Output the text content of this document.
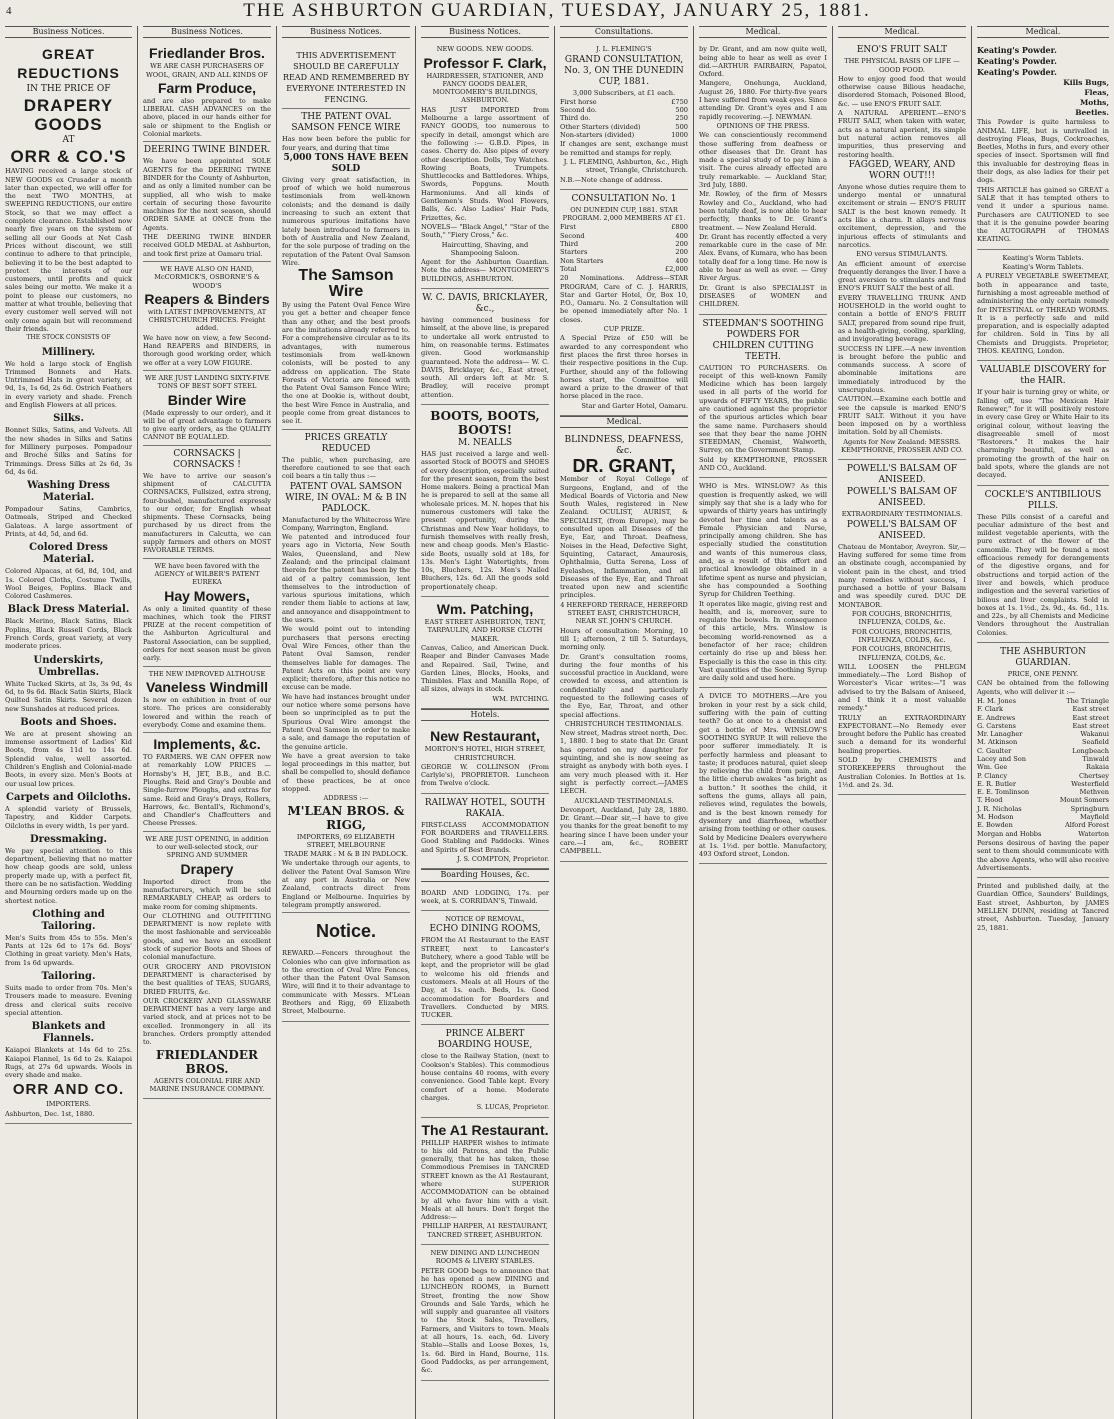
4	THE ASHBURTON GUARDIAN, TUESDAY, JANUARY 25, 1881.
Business Notices.

GREAT REDUCTIONS

IN THE PRICE OF

DRAPERY GOODS

AT

ORR & CO.'S

HAVING received a large stock of NEW GOODS ex Crusader a month later than expected, we will offer for the next TWO MONTHS, at SWEEPING REDUCTIONS, our entire Stock, so that we may effect a complete clearance. Established now nearly five years on the system of selling all our Goods at Net Cash Prices without discount, we still continue to adhere to that principle, believing it to be the best adapted to protect the interests of our customers, until profits and quick sales being our motto. We make it a point to please our customers, no matter at what trouble, believing that every customer well served will not only come again but will recommend their friends.

THE STOCK CONSISTS OF

Millinery.

We hold a large stock of English Trimmed Bonnets and Hats. Untrimmed Hats in great variety, at 9d, 1s, 1s 6d, 2s 6d. Ostrich Feathers in every variety and shade. French and English Flowers at all prices.

Silks.

Bonnet Silks, Satins, and Velvets. All the new shades in Silks and Satins for Millinery purposes. Pompadour and Broché Silks and Satins for Trimmings. Dress Silks at 2s 6d, 3s 6d, 4s 6d.

Washing Dress Material.

Pompadour Satins, Cambrics, Oatmeals, Striped and Checked Galateas. A large assortment of Prints, at 4d, 5d, and 6d.

Colored Dress Material.

Colored Alpacas, at 6d, 8d, 10d, and 1s. Colored Cloths, Costume Twills, Wool Beiges, Poplins. Black and Colored Cashmeres.

Black Dress Material.

Black Merino, Black Satins, Black Poplins, Black Russell Cords, Black French Cords, great variety, at very moderate prices.

Underskirts, Umbrellas.

White Tucked Skirts, at 3s, 3s 9d, 4s 6d, to 9s 6d. Black Satin Skirts, Black Quilted Satin Skirts. Several dozen new Sunshades at reduced prices.

Boots and Shoes.

We are at present showing an immense assortment of Ladies' Kid Boots, from 4s 11d to 14s 6d. Splendid value, well assorted. Children's English and Colonial-made Boots, in every size. Men's Boots at our usual low prices.

Carpets and Oilcloths.

A splendid variety of Brussels, Tapestry, and Kidder Carpets. Oilcloths in every width, 1s per yard.

Dressmaking.

We pay special attention to this department, believing that no matter how cheap goods are sold, unless properly made up, with a perfect fit, there can be no satisfaction. Wedding and Mourning orders made up on the shortest notice.

Clothing and Tailoring.

Men's Suits from 45s to 55s. Men's Pants at 12s 6d to 17s 6d. Boys' Clothing in great variety. Men's Hats, from 1s 6d upwards.

Tailoring.

Suits made to order from 70s. Men's Trousers made to measure. Evening dress and clerical suits receive special attention.

Blankets and Flannels.

Kaiapoi Blankets at 14s 6d to 25s. Kaiapoi Flannel, 1s 6d to 2s. Kaiapoi Rugs, at 27s 6d upwards. Wools in every shade and make.

ORR AND CO.

IMPORTERS.

Ashburton, Dec. 1st, 1880.

Business Notices.

Friedlander Bros.

WE ARE CASH PURCHASERS OF WOOL, GRAIN, AND ALL KINDS OF

Farm Produce,

and are also prepared to make LIBERAL CASH ADVANCES on the above, placed in our hands either for sale or shipment to the English or Colonial markets.

DEERING TWINE BINDER.

We have been appointed SOLE AGENTS for the DEERING TWINE BINDER for the County of Ashburton, and as only a limited number can be supplied, all who wish to make certain of securing those favourite machines for the next season, should ORDER SAME at ONCE from the Agents.

THE DEERING TWINE BINDER received GOLD MEDAL at Ashburton, and took first prize at Oamaru trial.

WE HAVE ALSO ON HAND, McCORMICK'S, OSBORNE'S & WOOD'S

Reapers & Binders

with LATEST IMPROVEMENTS, AT CHRISTCHURCH PRICES. Freight added.

We have now on view, a few Second-Hand REAPERS and BINDERS, in thorough good working order, which we offer at a very LOW FIGURE.

WE ARE JUST LANDING SIXTY-FIVE TONS OF BEST SOFT STEEL

Binder Wire

(Made expressly to our order), and it will be of great advantage to farmers to give early orders, as the QUALITY CANNOT BE EQUALLED.

CORNSACKS | CORNSACKS !

We have to arrive our season's shipment of CALCUTTA CORNSACKS, Fullsized, extra strong, four-bushel, manufactured expressly to our order, for English wheat shipments. These Cornsacks, being purchased by us direct from the manufacturers in Calcutta, we can supply farmers and others on MOST FAVORABLE TERMS.

WE have been favored with the AGENCY of WILBER'S PATENT EUREKA

Hay Mowers,

As only a limited quantity of these machines, which took the FIRST PRIZE at the recent competition of the Ashburton Agricultural and Pastoral Association, can be supplied, orders for next season must be given early.

THE NEW IMPROVED ALTHOUSE

Vaneless Windmill

Is now on exhibition in front of our store. The prices are considerably lowered and within the reach of everybody. Come and examine them.

Implements, &c.

TO FARMERS. WE CAN OFFER now at remarkably LOW PRICES — Hornsby's H, JET, B.B., and B.C. Ploughs. Reid and Gray's Double and Single-furrow Ploughs, and extras for same. Reid and Gray's Drays, Rollers, Harrows, &c. Bentall's, Richmond's, and Chandler's Chaffcutters and Cheese Presses.

WE ARE JUST OPENING, in addition to our well-selected stock, our SPRING AND SUMMER

Drapery

Imported direct from the manufacturers, which will be sold REMARKABLY CHEAP, as orders to make room for coming shipments.

Our CLOTHING and OUTFITTING DEPARTMENT is now replete with the most fashionable and serviceable goods, and we have an excellent stock of superior Boots and Shoes of colonial manufacture.

OUR GROCERY AND PROVISION DEPARTMENT is characterised by the best qualities of TEAS, SUGARS, DRIED FRUITS, &c.

OUR CROCKERY AND GLASSWARE DEPARTMENT has a very large and varied stock, and at prices not to be excelled. Ironmongery in all its branches. Orders promptly attended to.

FRIEDLANDER BROS.

AGENTS COLONIAL FIRE AND MARINE INSURANCE COMPANY.

Business Notices.

THIS ADVERTISEMENT SHOULD BE CAREFULLY READ AND REMEMBERED BY EVERYONE INTERESTED IN FENCING.

THE PATENT OVAL SAMSON FENCE WIRE

Has now been before the public for four years, and during that time

5,000 TONS HAVE BEEN SOLD

Giving very great satisfaction, in proof of which we hold numerous testimonials from well-known colonists; and the demand is daily increasing to such an extent that numerous spurious imitations have lately been introduced to farmers in both of Australia and New Zealand, for the sole purpose of trading on the reputation of the Patent Oval Samson Wire.

The Samson Wire

By using the Patent Oval Fence Wire you get a better and cheaper fence than any other, and the best proofs are the imitations already referred to. For a comprehensive circular as to its advantages, with numerous testimonials from well-known colonists, will be posted to any address on application. The State Forests of Victoria are fenced with the Patent Oval Samson Fence Wire; the one at Dookie is, without doubt, the best Wire Fence in Australia, and people come from great distances to see it.

PRICES GREATLY REDUCED

The public, when purchasing, are therefore cautioned to see that each coil bears a tin tally thus :—

PATENT OVAL SAMSON WIRE, IN OVAL: M & B IN PADLOCK.

Manufactured by the Whitecross Wire Company, Warrington, England.

We patented and introduced four years ago in Victoria, New South Wales, Queensland, and New Zealand; and the principal claimant therein for the patent has been by the aid of a paltry commission, lent themselves to the introduction of various spurious imitations, which render them liable to actions at law, and annoyance and disappointment to the users.

We would point out to intending purchasers that persons erecting Oval Wire Fences, other than the Patent Oval Samson, render themselves liable for damages. The Patent Acts on this point are very explicit; therefore, after this notice no excuse can be made.

We have had instances brought under our notice where some persons have been so unprincipled as to put the Spurious Oval Wire amongst the Patent Oval Samson in order to make a sale, and damage the reputation of the genuine article.

We have a great aversion to take legal proceedings in this matter, but shall be compelled to, should defiance of these practices, be at once stopped.

ADDRESS :—

M'LEAN BROS. & RIGG,

IMPORTERS, 69 ELIZABETH STREET, MELBOURNE

TRADE MARK : M & B IN PADLOCK.

We undertake through our agents, to deliver the Patent Oval Samson Wire at any port in Australia or New Zealand, contracts direct from England or Melbourne. Inquiries by telegram promptly answered.

Notice.

REWARD.—Fencers throughout the Colonies who can give information as to the erection of Oval Wire Fences, other than the Patent Oval Samson Wire, will find it to their advantage to communicate with Messrs. M'Lean Brothers and Rigg, 69 Elizabeth Street, Melbourne.

Business Notices.

NEW GOODS. NEW GOODS.

Professor F. Clark,

HAIRDRESSER, STATIONER, AND FANCY GOODS DEALER, MONTGOMERY'S BUILDINGS, ASHBURTON.

HAS JUST IMPORTED from Melbourne a large assortment of FANCY GOODS, too numerous to specify in detail, amongst which are the following :— G.B.D. Pipes, in cases. Cherry do. Also pipes of every other description. Dolls, Toy Watches. Rowing Boats, Trumpets. Shuttlecocks and Battledores. Whips, Swords, Popguns. Mouth Harmoniums. And all kinds of Gentlemen's Studs. Wool Flowers, Balls, &c. Also Ladies' Hair Pads, Frizettes, &c.

NOVELS— "Black Angel," "Star of the South," "Fiery Cross," &c.

Haircutting, Shaving, and Shampooing Saloon.

Agent for the Ashburton Guardian. Note the address— MONTGOMERY'S BUILDINGS, ASHBURTON.

W. C. DAVIS, BRICKLAYER, &c.,

having commenced business for himself, at the above line, is prepared to undertake all work entrusted to him, on reasonable terms. Estimates given. Good workmanship guaranteed. Note the address— W. C. DAVIS, Bricklayer, &c., East street, south. All orders left at Mr. S. Bradley, will receive prompt attention.

BOOTS, BOOTS, BOOTS!

M. NEALLS

HAS just received a large and well-assorted Stock of BOOTS and SHOES of every description, especially suited for the present season, from the best Home makers. Being a practical Man he is prepared to sell at the same all wholesale prices. M. N. hopes that his numerous customers will take the present opportunity, during the Christmas and New Year holidays, to furnish themselves with really fresh, new and cheap goods. Men's Elastic-side Boots, usually sold at 18s, for 13s. Men's Light Watertights, from 10s, Bluchers, 12s. Men's Nailed Bluchers, 12s. 6d. All the goods sold proportionately cheap.

Wm. Patching,

EAST STREET ASHBURTON, TENT, TARPAULIN, AND HORSE CLOTH MAKER.

Canvas, Calico, and American Duck. Reaper and Binder Canvases Made and Repaired. Sail, Twine, and Garden Lines, Blocks, Hooks, and Thimbles. Flax and Manilla Rope, of all sizes, always in stock.

WM. PATCHING.

Hotels.

New Restaurant,

MORTON'S HOTEL, HIGH STREET, CHRISTCHURCH.

GEORGE W. COLLINSON (From Carlyle's), PROPRIETOR. Luncheon from Twelve o'clock.

RAILWAY HOTEL, SOUTH RAKAIA.

FIRST-CLASS ACCOMMODATION FOR BOARDERS and TRAVELLERS. Good Stabling and Paddocks. Wines and Spirits of Best Brands.

J. S. COMPTON, Proprietor.

Boarding Houses, &c.

BOARD AND LODGING, 17s. per week, at S. CORRIDAN'S, Tinwald.

NOTICE OF REMOVAL,

ECHO DINING ROOMS,

FROM the A1 Restaurant to the EAST STREET, next to Lancaster's Butchery, where a good Table will be kept, and the proprietor will be glad to welcome his old friends and customers. Meals at all Hours of the Day, at 1s. each. Beds, 1s. Good accommodation for Boarders and Travellers. Conducted by MRS. TUCKER.

PRINCE ALBERT BOARDING HOUSE,

close to the Railway Station, (next to Cookson's Stables). This commodious house contains 40 rooms, with every convenience. Good Table kept. Every comfort of a home. Moderate charges.

S. LUCAS, Proprietor.

The A1 Restaurant.

PHILLIP HARPER wishes to intimate to his old Patrons, and the Public generally, that he has taken, those Commodious Premises in TANCRED STREET known as the A1 Restaurant, where SUPERIOR ACCOMMODATION can be obtained by all who favor him with a visit. Meals at all hours. Don't forget the Address:—

PHILLIP HARPER, A1 RESTAURANT, TANCRED STREET, ASHBURTON.

NEW DINING AND LUNCHEON ROOMS & LIVERY STABLES.

PETER GOOD begs to announce that he has opened a new DINING and LUNCHEON ROOMS, in Burnett Street, fronting the now Show Grounds and Sale Yards, which he will supply and guarantee all visitors to the Stock Sales, Travellers, Farmers, and Visitors to town. Meals at all hours, 1s. each, 6d. Livery Stable—Stalls and Loose Boxes, 1s, 1s. 6d. Bird in Hand, Bourne, 11s. Good Paddocks, as per arrangement, &c.

Consultations.

J. L. FLEMING'S

GRAND CONSULTATION, No. 3, ON THE DUNEDIN CUP, 1881.

3,000 Subscribers, at £1 each.

First horse	£750
Second do.	500
Third do.	250
Other Starters (divided)	500
Non-starters (divided)	1000

If changes are sent, exchange must be remitted and stamps for reply.

J. L. FLEMING, Ashburton, &c., High street, Triangle, Christchurch.

N.B.—Note change of address.

CONSULTATION No. 1

ON DUNEDIN CUP, 1881. STAR PROGRAM. 2,000 MEMBERS AT £1.

First	£800
Second	400
Third	200
Starters	200
Non Starters	400
Total	£2,000

20 Nominations. Address—STAR PROGRAM, Care of C. J. HARRIS, Star and Garter Hotel, Or, Box 10, P.O., Oamaru. No. 2 Consultation will be opened immediately after No. 1 closes.

CUP PRIZE.

A Special Prize of £50 will be awarded to any correspondent who first places the first three horses in their respective positions in the Cup. Further, should any of the following horses start, the Committee will award a prize to the drawer of that horse placed in the race.

Star and Garter Hotel, Oamaru.

Medical.

BLINDNESS, DEAFNESS, &c.

DR. GRANT,

Member of Royal College of Surgeons, England, and of the Medical Boards of Victoria and New South Wales, registered in New Zealand. OCULIST, AURIST, & SPECIALIST, (from Europe), may be consulted upon all Diseases of the Eye, Ear, and Throat. Deafness, Noises in the Head, Defective Sight, Squinting, Cataract, Amaurosis, Ophthalmia, Gutta Serena, Loss of Eyelashes, Inflammation, and all Diseases of the Eye, Ear, and Throat treated upon new and scientific principles.

4 HEREFORD TERRACE, HEREFORD STREET EAST, CHRISTCHURCH, NEAR ST. JOHN'S CHURCH.

Hours of consultation: Morning, 10 till 1; afternoon, 2 till 5. Saturdays, morning only.

Dr. Grant's consultation rooms, during the four months of his successful practice in Auckland, were crowded to excess, and attention is confidentially and particularly requested to the following cases of the Eye, Ear, Throat, and other special affections.

CHRISTCHURCH TESTIMONIALS.

New street, Madras street north, Dec. 1, 1880. I beg to state that Dr. Grant has operated on my daughter for squinting, and she is now seeing as straight as anybody with both eyes. I am very much pleased with it. Her sight is perfectly correct.—JAMES LEECH.

AUCKLAND TESTIMONIALS.

Devonport, Auckland, July 28, 1880. Dr. Grant.—Dear sir,—I have to give you thanks for the great benefit to my hearing since I have been under your care.—I am, &c., ROBERT CAMPBELL.

Medical.

by Dr. Grant, and am now quite well, being able to hear as well as ever I did.—ARTHUR FAIRBAIRN, Papatoi, Oxford.

Mangere, Onehunga, Auckland, August 26, 1880. For thirty-five years I have suffered from weak eyes. Since attending Dr. Grant's eyes and I am rapidly recovering.—J. NEWMAN.

OPINIONS OF THE PRESS.

We can conscientiously recommend those suffering from deafness or other diseases that Dr. Grant has made a special study of to pay him a visit. The cures already effected are truly remarkable. — Auckland Star, 3rd July, 1880.

Mr. Rowley, of the firm of Messrs Rowley and Co., Auckland, who had been totally deaf, is now able to hear perfectly, thanks to Dr. Grant's treatment. — New Zealand Herald.

Dr. Grant has recently effected a very remarkable cure in the case of Mr. Alex. Evans, of Kumara, who has been totally deaf for a long time. He now is able to hear as well as ever. — Grey River Argus.

Dr. Grant is also SPECIALIST in DISEASES of WOMEN and CHILDREN.

STEEDMAN'S SOOTHING POWDERS FOR CHILDREN CUTTING TEETH.

CAUTION TO PURCHASERS. On receipt of this well-known Family Medicine which has been largely used in all parts of the world for upwards of FIFTY YEARS, the public are cautioned against the proprietor of the spurious articles which bear the same name. Purchasers should see that they bear the name JOHN STEEDMAN, Chemist, Walworth, Surrey, on the Government Stamp.

Sold by KEMPTHORNE, PROSSER AND CO., Auckland.

WHO is Mrs. WINSLOW? As this question is frequently asked, we will simply say that she is a lady who for upwards of thirty years has untiringly devoted her time and talents as a Female Physician and Nurse, principally among children. She has especially studied the constitution and wants of this numerous class, and, as a result of this effort and practical knowledge obtained in a lifetime spent as nurse and physician, she has compounded a Soothing Syrup for Children Teething.

It operates like magic, giving rest and health, and is, moreover, sure to regulate the bowels. In consequence of this article, Mrs. Winslow is becoming world-renowned as a benefactor of her race; children certainly do rise up and bless her. Especially is this the case in this city. Vast quantities of the Soothing Syrup are daily sold and used here.

A DVICE TO MOTHERS.—Are you broken in your rest by a sick child, suffering with the pain of cutting teeth? Go at once to a chemist and get a bottle of Mrs. WINSLOW'S SOOTHING SYRUP. It will relieve the poor sufferer immediately. It is perfectly harmless and pleasant to taste; it produces natural, quiet sleep by relieving the child from pain, and the little cherub awakes "as bright as a button." It soothes the child, it softens the gums, allays all pain, relieves wind, regulates the bowels, and is the best known remedy for dysentery and diarrhoea, whether arising from teething or other causes. Sold by Medicine Dealers everywhere at 1s. 1½d. per bottle. Manufactory, 493 Oxford street, London.

Medical.

ENO'S FRUIT SALT

THE PHYSICAL BASIS OF LIFE — GOOD FOOD.

How to enjoy good food that would otherwise cause Bilious headache, disordered Stomach, Poisoned Blood, &c. — use ENO'S FRUIT SALT.

A NATURAL APERIENT.—ENO'S FRUIT SALT, when taken with water, acts as a natural aperient, its simple but natural action removes all impurities, thus preserving and restoring health.

FAGGED, WEARY, AND WORN OUT!!!

Anyone whose duties require them to undergo mental or unnatural excitement or strain — ENO'S FRUIT SALT is the best known remedy. It acts like a charm. It allays nervous excitement, depression, and the injurious effects of stimulants and narcotics.

ENO versus STIMULANTS.

An efficient amount of exercise frequently deranges the liver. I have a great aversion to stimulants and find ENO'S FRUIT SALT the best of all.

EVERY TRAVELLING TRUNK AND HOUSEHOLD in the world ought to contain a bottle of ENO'S FRUIT SALT, prepared from sound ripe fruit, as a health-giving, cooling, sparkling, and invigorating beverage.

SUCCESS IN LIFE.—A new invention is brought before the public and commands success. A score of abominable imitations are immediately introduced by the unscrupulous.

CAUTION.—Examine each bottle and see the capsule is marked ENO'S FRUIT SALT. Without it you have been imposed on by a worthless imitation. Sold by all Chemists.

Agents for New Zealand: MESSRS. KEMPTHORNE, PROSSER AND CO.

POWELL'S BALSAM OF ANISEED.

POWELL'S BALSAM OF ANISEED.

EXTRAORDINARY TESTIMONIALS.

POWELL'S BALSAM OF ANISEED.

Chateau de Montabor, Aveyron. Sir,—Having suffered for some time from an obstinate cough, accompanied by violent pain in the chest, and tried many remedies without success, I purchased a bottle of your Balsam and was speedily cured. DUC DE MONTABOR.

FOR COUGHS, BRONCHITIS, INFLUENZA, COLDS, &c.

FOR COUGHS, BRONCHITIS, INFLUENZA, COLDS, &c.

FOR COUGHS, BRONCHITIS, INFLUENZA, COLDS, &c.

WILL LOOSEN the PHLEGM immediately.—The Lord Bishop of Worcester's Vicar writes:—"I was advised to try the Balsam of Aniseed, and I think it a most valuable remedy."

TRULY an EXTRAORDINARY EXPECTORANT.—No Remedy ever brought before the Public has created such a demand for its wonderful healing properties.

SOLD by CHEMISTS and STOREKEEPERS throughout the Australian Colonies. In Bottles at 1s. 1½d. and 2s. 3d.

Medical.

Keating's Powder.

Keating's Powder.

Keating's Powder.

Kills Bugs,

Fleas,

Moths,

Beetles.

This Powder is quite harmless to ANIMAL LIFE, but is unrivalled in destroying Fleas, Bugs, Cockroaches, Beetles, Moths in furs, and every other species of insect. Sportsmen will find this invaluable for destroying fleas in their dogs, as also ladies for their pet dogs.

THIS ARTICLE has gained so GREAT a SALE that it has tempted others to vend it under a spurious name. Purchasers are CAUTIONED to see that it is the genuine powder bearing the AUTOGRAPH of THOMAS KEATING.

Keating's Worm Tablets.

Keating's Worm Tablets.

A PURELY VEGETABLE SWEETMEAT, both in appearance and taste, furnishing a most agreeable method of administering the only certain remedy for INTESTINAL or THREAD WORMS. It is a perfectly safe and mild preparation, and is especially adapted for children. Sold in Tins by all Chemists and Druggists. Proprietor, THOS. KEATING, London.

VALUABLE DISCOVERY for the HAIR.

If your hair is turning grey or white, or falling off, use "The Mexican Hair Renewer," for it will positively restore in every case Grey or White Hair to its original colour, without leaving the disagreeable smell of most "Restorers." It makes the hair charmingly beautiful, as well as promoting the growth of the hair on bald spots, where the glands are not decayed.

COCKLE'S ANTIBILIOUS PILLS.

These Pills consist of a careful and peculiar admixture of the best and mildest vegetable aperients, with the pure extract of the flower of the camomile. They will be found a most efficacious remedy for derangements of the digestive organs, and for obstructions and torpid action of the liver and bowels, which produce indigestion and the several varieties of bilious and liver complaints. Sold in boxes at 1s. 1½d., 2s. 9d., 4s. 6d., 11s. and 22s., by all Chemists and Medicine Vendors throughout the Australian Colonies.

THE ASHBURTON GUARDIAN.

PRICE, ONE PENNY.

CAN be obtained from the following Agents, who will deliver it :—

H. M. Jones	The Triangle
F. Clark	East street
E. Andrews	East street
G. Carstens	East street
Mr. Lanagher	Wakanui
M. Atkinson	Seafield
C. Gaulter	Longbeach
Lacey and Son	Tinwald
Wm. Gee	Rakaia
P. Clancy	Chertsey
E. R. Butler	Westerfield
E. E. Tomlinson	Methven
T. Hood	Mount Somers
J. R. Nicholas	Springburn
M. Hodson	Mayfield
E. Bowden	Alford Forest
Morgan and Hobbs	Waterton

Persons desirous of having the paper sent to them should communicate with the above Agents, who will also receive Advertisements.

Printed and published daily, at the Guardian Office, Saunders' Buildings, East street, Ashburton, by JAMES MELLEN DUNN, residing at Tancred street, Ashburton. Tuesday, January 25, 1881.
